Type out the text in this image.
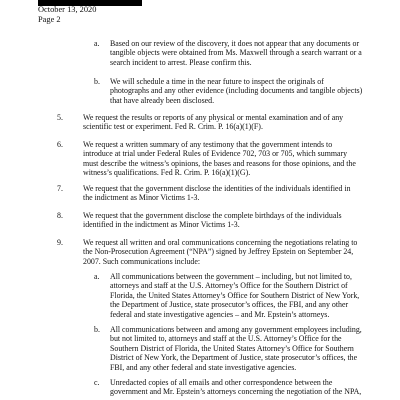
October 13, 2020
Page 2
a. Based on our review of the discovery, it does not appear that any documents or
tangible objects were obtained from Ms. Maxwell through a search warrant or a
search incident to arrest. Please confirm this.
b. We will schedule a time in the near future to inspect the originals of
photographs and any other evidence (including documents and tangible objects)
that have already been disclosed.
5.	We request the results or reports of any physical or mental examination and of any
scientific test or experiment. Fed R. Crim. P. 16(a)(1)(F).
6.	We request a written summary of any testimony that the government intends to
introduce at trial under Federal Rules of Evidence 702, 703 or 705, which summary
must describe the witness’s opinions, the bases and reasons for those opinions, and the
witness’s qualifications. Fed R. Crim. P. 16(a)(1)(G).
7.	We request that the government disclose the identities of the individuals identified in
the indictment as Minor Victims 1-3.
8.	We request that the government disclose the complete birthdays of the individuals
identified in the indictment as Minor Victims 1-3.
9.	We request all written and oral communications concerning the negotiations relating to
the Non-Prosecution Agreement (“NPA”) signed by Jeffrey Epstein on September 24,
2007. Such communications include:
a. All communications between the government – including, but not limited to,
attorneys and staff at the U.S. Attorney’s Office for the Southern District of
Florida, the United States Attorney’s Office for Southern District of New York,
the Department of Justice, state prosecutor’s offices, the FBI, and any other
federal and state investigative agencies – and Mr. Epstein’s attorneys.
b. All communications between and among any government employees including,
but not limited to, attorneys and staff at the U.S. Attorney’s Office for the
Southern District of Florida, the United States Attorney’s Office for Southern
District of New York, the Department of Justice, state prosecutor’s offices, the
FBI, and any other federal and state investigative agencies.
c. Unredacted copies of all emails and other correspondence between the
government and Mr. Epstein’s attorneys concerning the negotiation of the NPA,
